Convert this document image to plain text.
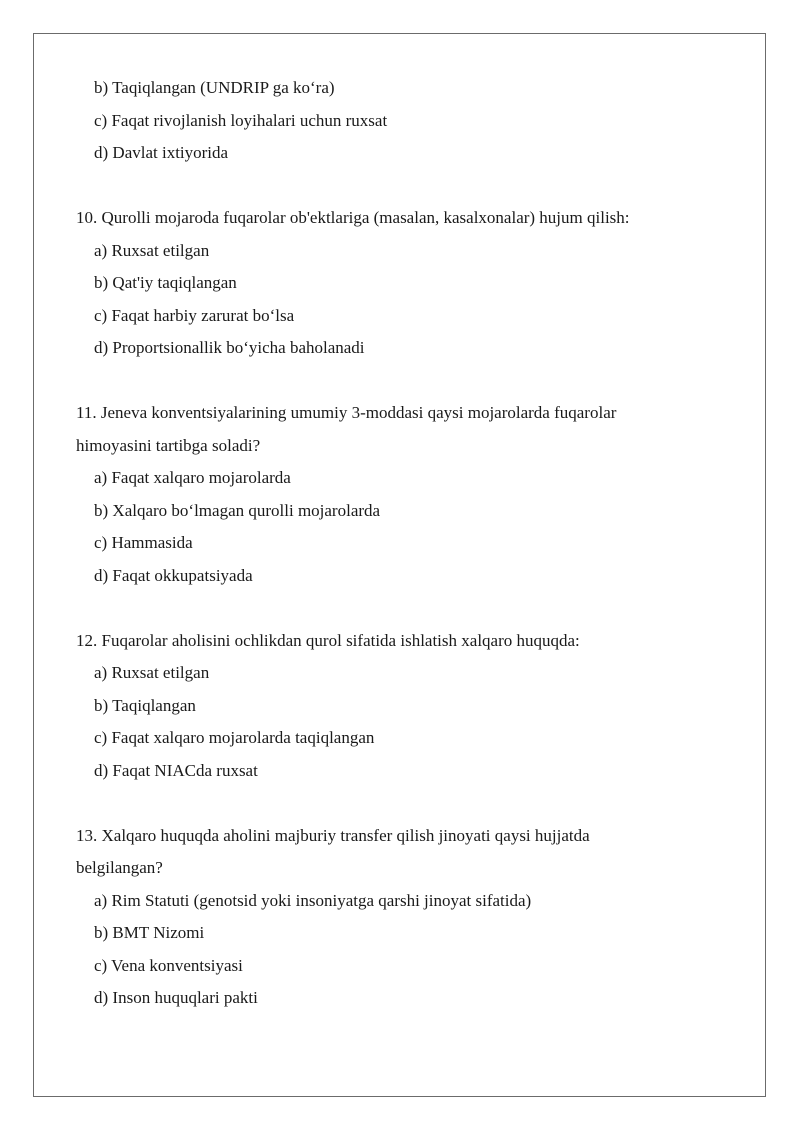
b) Taqiqlangan (UNDRIP ga ko‘ra)

c) Faqat rivojlanish loyihalari uchun ruxsat

d) Davlat ixtiyorida

10. Qurolli mojaroda fuqarolar ob'ektlariga (masalan, kasalxonalar) hujum qilish:

a) Ruxsat etilgan

b) Qat'iy taqiqlangan

c) Faqat harbiy zarurat bo‘lsa

d) Proportsionallik bo‘yicha baholanadi

11. Jeneva konventsiyalarining umumiy 3-moddasi qaysi mojarolarda fuqarolar

himoyasini tartibga soladi?

a) Faqat xalqaro mojarolarda

b) Xalqaro bo‘lmagan qurolli mojarolarda

c) Hammasida

d) Faqat okkupatsiyada

12. Fuqarolar aholisini ochlikdan qurol sifatida ishlatish xalqaro huquqda:

a) Ruxsat etilgan

b) Taqiqlangan

c) Faqat xalqaro mojarolarda taqiqlangan

d) Faqat NIACda ruxsat

13. Xalqaro huquqda aholini majburiy transfer qilish jinoyati qaysi hujjatda

belgilangan?

a) Rim Statuti (genotsid yoki insoniyatga qarshi jinoyat sifatida)

b) BMT Nizomi

c) Vena konventsiyasi

d) Inson huquqlari pakti
